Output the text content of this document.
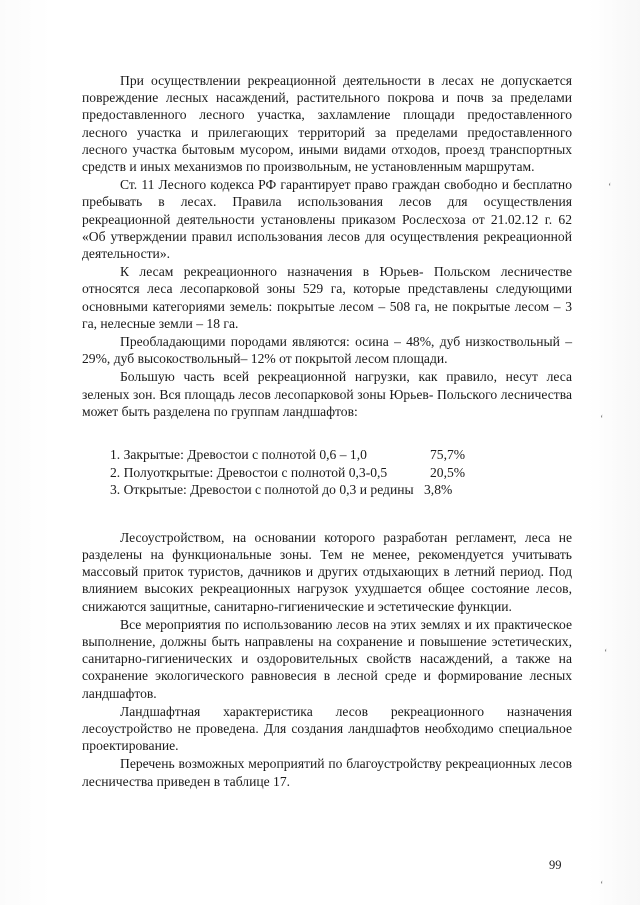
При осуществлении рекреационной деятельности в лесах не допускается повреждение лесных насаждений, растительного покрова и почв за пределами предоставленного лесного участка, захламление площади предоставленного лесного участка и прилегающих территорий за пределами предоставленного лесного участка бытовым мусором, иными видами отходов, проезд транспортных средств и иных механизмов по произвольным, не установленным маршрутам.

Ст. 11 Лесного кодекса РФ гарантирует право граждан свободно и бесплатно пребывать в лесах. Правила использования лесов для осуществления рекреационной деятельности установлены приказом Рослесхоза от 21.02.12 г. 62 «Об утверждении правил использования лесов для осуществления рекреационной деятельности».

К лесам рекреационного назначения в Юрьев- Польском лесничестве относятся леса лесопарковой зоны 529 га, которые представлены следующими основными категориями земель: покрытые лесом – 508 га, не покрытые лесом – 3 га, нелесные земли – 18 га.

Преобладающими породами являются: осина – 48%, дуб низкоствольный – 29%, дуб высокоствольный– 12% от покрытой лесом площади.

Большую часть всей рекреационной нагрузки, как правило, несут леса зеленых зон. Вся площадь лесов лесопарковой зоны Юрьев- Польского лесничества может быть разделена по группам ландшафтов:

1. Закрытые: Древостои с полнотой 0,6 – 1,0	75,7%
2. Полуоткрытые: Древостои с полнотой 0,3-0,5	20,5%
3. Открытые: Древостои с полнотой до 0,3 и редины 3,8%

Лесоустройством, на основании которого разработан регламент, леса не разделены на функциональные зоны. Тем не менее, рекомендуется учитывать массовый приток туристов, дачников и других отдыхающих в летний период. Под влиянием высоких рекреационных нагрузок ухудшается общее состояние лесов, снижаются защитные, санитарно-гигиенические и эстетические функции.

Все мероприятия по использованию лесов на этих землях и их практическое выполнение, должны быть направлены на сохранение и повышение эстетических, санитарно-гигиенических и оздоровительных свойств насаждений, а также на сохранение экологического равновесия в лесной среде и формирование лесных ландшафтов.

Ландшафтная характеристика лесов рекреационного назначения лесоустройство не проведена. Для создания ландшафтов необходимо специальное проектирование.

Перечень возможных мероприятий по благоустройству рекреационных лесов лесничества приведен в таблице 17.

99
ʻ
ʻ
ʻ
ʻ
